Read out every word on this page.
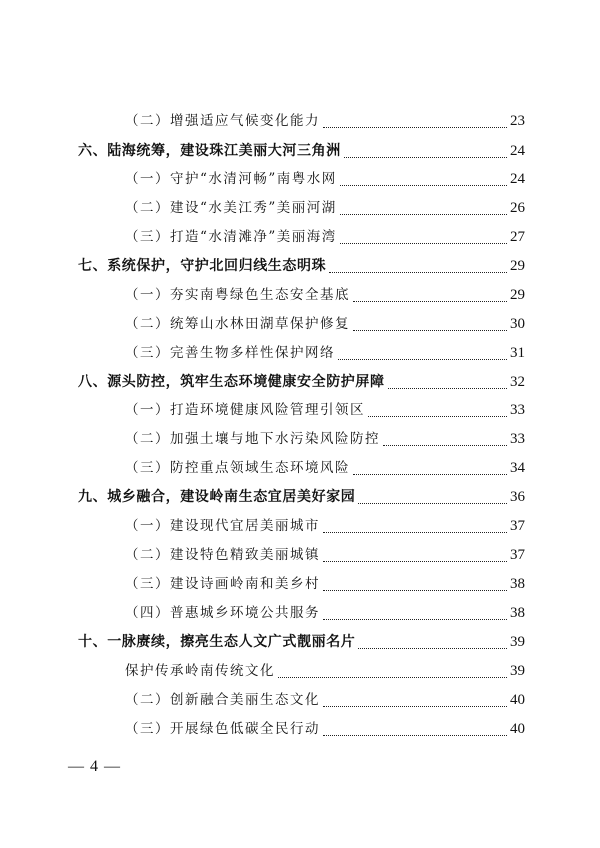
（二）增强适应气候变化能力	23
六、陆海统筹，建设珠江美丽大河三角洲	24
（一）守护“水清河畅”南粤水网	24
（二）建设“水美江秀”美丽河湖	26
（三）打造“水清滩净”美丽海湾	27
七、系统保护，守护北回归线生态明珠	29
（一）夯实南粤绿色生态安全基底	29
（二）统筹山水林田湖草保护修复	30
（三）完善生物多样性保护网络	31
八、源头防控，筑牢生态环境健康安全防护屏障	32
（一）打造环境健康风险管理引领区	33
（二）加强土壤与地下水污染风险防控	33
（三）防控重点领域生态环境风险	34
九、城乡融合，建设岭南生态宜居美好家园	36
（一）建设现代宜居美丽城市	37
（二）建设特色精致美丽城镇	37
（三）建设诗画岭南和美乡村	38
（四）普惠城乡环境公共服务	38
十、一脉赓续，擦亮生态人文广式靓丽名片	39
保护传承岭南传统文化	39
（二）创新融合美丽生态文化	40
（三）开展绿色低碳全民行动	40
— 4 —
